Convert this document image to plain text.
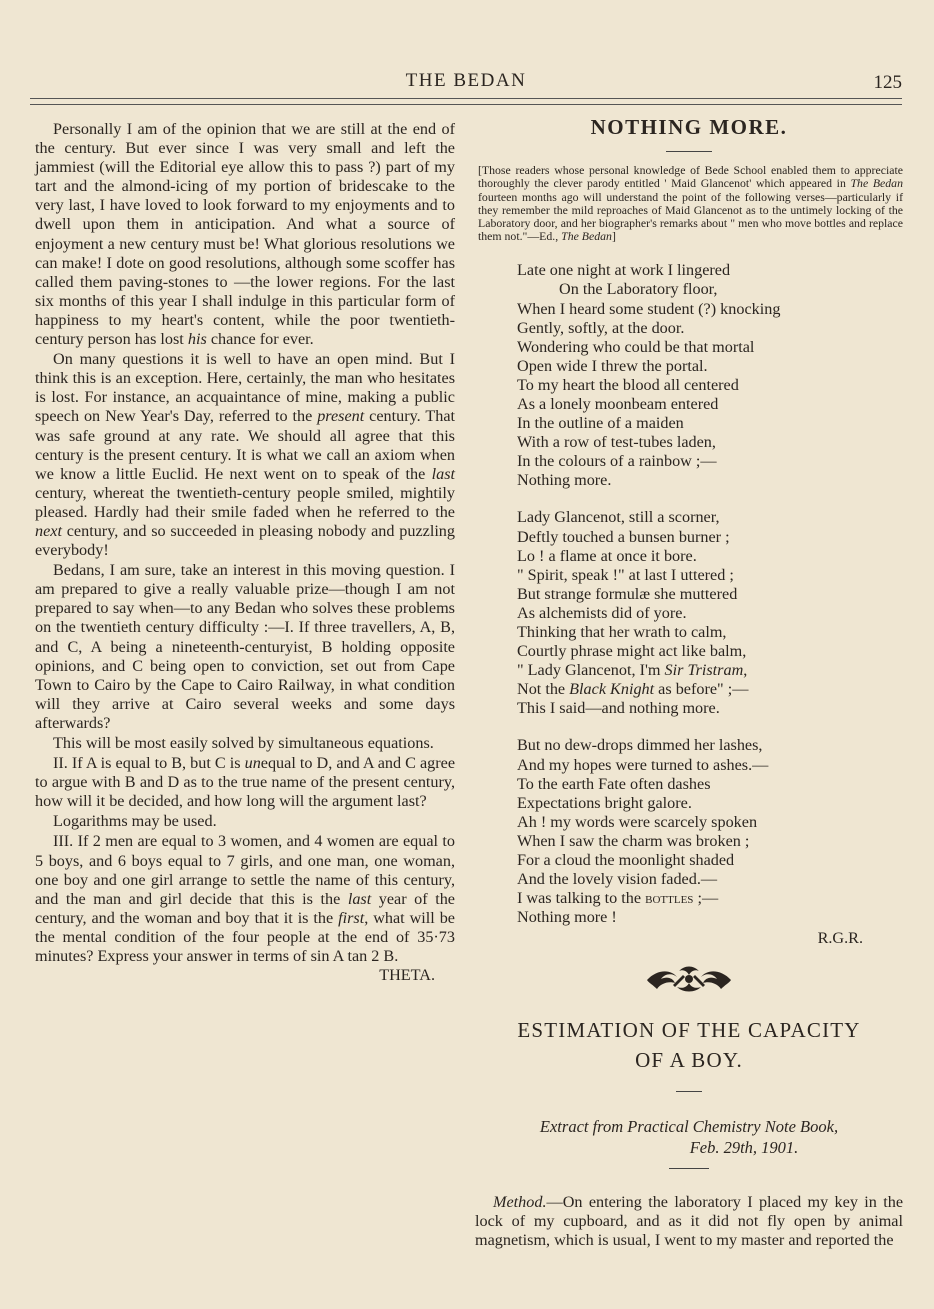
THE BEDAN	125

Personally I am of the opinion that we are still at the end of the century. But ever since I was very small and left the jammiest (will the Editorial eye allow this to pass ?) part of my tart and the almond-icing of my portion of bridescake to the very last, I have loved to look forward to my enjoyments and to dwell upon them in anticipation. And what a source of enjoyment a new century must be! What glorious resolutions we can make! I dote on good resolutions, although some scoffer has called them paving-stones to —the lower regions. For the last six months of this year I shall indulge in this particular form of happiness to my heart's content, while the poor twentieth-century person has lost his chance for ever.

On many questions it is well to have an open mind. But I think this is an exception. Here, certainly, the man who hesitates is lost. For instance, an acquaintance of mine, making a public speech on New Year's Day, referred to the present century. That was safe ground at any rate. We should all agree that this century is the present century. It is what we call an axiom when we know a little Euclid. He next went on to speak of the last century, whereat the twentieth-century people smiled, mightily pleased. Hardly had their smile faded when he referred to the next century, and so succeeded in pleasing nobody and puzzling everybody!

Bedans, I am sure, take an interest in this moving question. I am prepared to give a really valuable prize—though I am not prepared to say when—to any Bedan who solves these problems on the twentieth century difficulty :—I. If three travellers, A, B, and C, A being a nineteenth-centuryist, B holding opposite opinions, and C being open to conviction, set out from Cape Town to Cairo by the Cape to Cairo Railway, in what condition will they arrive at Cairo several weeks and some days afterwards?

This will be most easily solved by simultaneous equations.

II. If A is equal to B, but C is unequal to D, and A and C agree to argue with B and D as to the true name of the present century, how will it be decided, and how long will the argument last?

Logarithms may be used.

III. If 2 men are equal to 3 women, and 4 women are equal to 5 boys, and 6 boys equal to 7 girls, and one man, one woman, one boy and one girl arrange to settle the name of this century, and the man and girl decide that this is the last year of the century, and the woman and boy that it is the first, what will be the mental condition of the four people at the end of 35·73 minutes? Express your answer in terms of sin A tan 2 B.

THETA.

NOTHING MORE.
[Those readers whose personal knowledge of Bede School enabled them to appreciate thoroughly the clever parody entitled ' Maid Glancenot' which appeared in The Bedan fourteen months ago will understand the point of the following verses—particularly if they remember the mild reproaches of Maid Glancenot as to the untimely locking of the Laboratory door, and her biographer's remarks about " men who move bottles and replace them not."—Ed., The Bedan]
Late one night at work I lingered
On the Laboratory floor,
When I heard some student (?) knocking
Gently, softly, at the door.
Wondering who could be that mortal
Open wide I threw the portal.
To my heart the blood all centered
As a lonely moonbeam entered
In the outline of a maiden
With a row of test-tubes laden,
In the colours of a rainbow ;—
Nothing more.
Lady Glancenot, still a scorner,
Deftly touched a bunsen burner ;
Lo ! a flame at once it bore.
" Spirit, speak !" at last I uttered ;
But strange formulæ she muttered
As alchemists did of yore.
Thinking that her wrath to calm,
Courtly phrase might act like balm,
" Lady Glancenot, I'm Sir Tristram,
Not the Black Knight as before" ;—
This I said—and nothing more.
But no dew-drops dimmed her lashes,
And my hopes were turned to ashes.—
To the earth Fate often dashes
Expectations bright galore.
Ah ! my words were scarcely spoken
When I saw the charm was broken ;
For a cloud the moonlight shaded
And the lovely vision faded.—
I was talking to the bottles ;—
Nothing more !
R.G.R.
ESTIMATION OF THE CAPACITY
OF A BOY.
Extract from Practical Chemistry Note Book,
Feb. 29th, 1901.

Method.—On entering the laboratory I placed my key in the lock of my cupboard, and as it did not fly open by animal magnetism, which is usual, I went to my master and reported the
